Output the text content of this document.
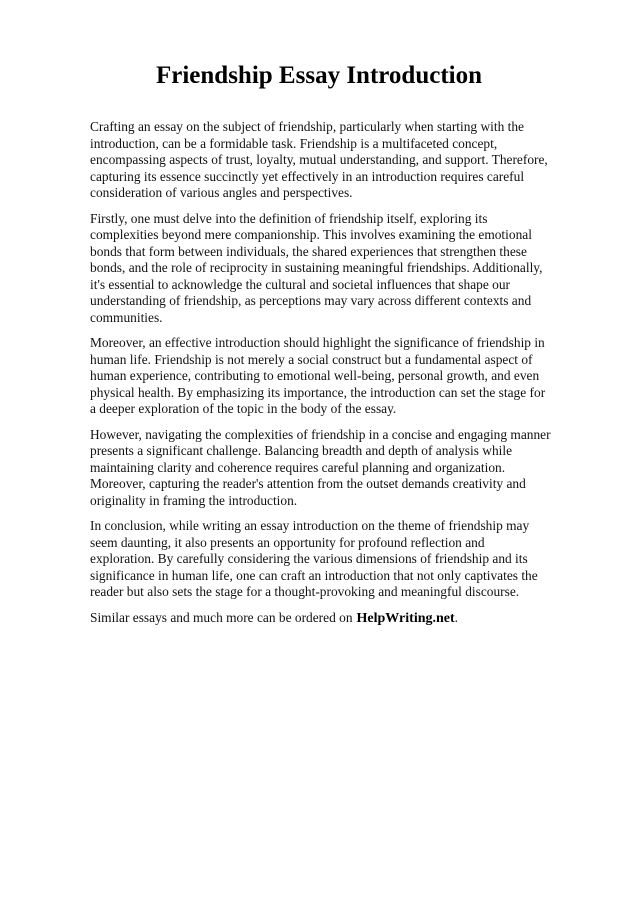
Friendship Essay Introduction

Crafting an essay on the subject of friendship, particularly when starting with the introduction, can be a formidable task. Friendship is a multifaceted concept, encompassing aspects of trust, loyalty, mutual understanding, and support. Therefore, capturing its essence succinctly yet effectively in an introduction requires careful consideration of various angles and perspectives.

Firstly, one must delve into the definition of friendship itself, exploring its complexities beyond mere companionship. This involves examining the emotional bonds that form between individuals, the shared experiences that strengthen these bonds, and the role of reciprocity in sustaining meaningful friendships. Additionally, it's essential to acknowledge the cultural and societal influences that shape our understanding of friendship, as perceptions may vary across different contexts and communities.

Moreover, an effective introduction should highlight the significance of friendship in human life. Friendship is not merely a social construct but a fundamental aspect of human experience, contributing to emotional well-being, personal growth, and even physical health. By emphasizing its importance, the introduction can set the stage for a deeper exploration of the topic in the body of the essay.

However, navigating the complexities of friendship in a concise and engaging manner presents a significant challenge. Balancing breadth and depth of analysis while maintaining clarity and coherence requires careful planning and organization. Moreover, capturing the reader's attention from the outset demands creativity and originality in framing the introduction.

In conclusion, while writing an essay introduction on the theme of friendship may seem daunting, it also presents an opportunity for profound reflection and exploration. By carefully considering the various dimensions of friendship and its significance in human life, one can craft an introduction that not only captivates the reader but also sets the stage for a thought-provoking and meaningful discourse.

Similar essays and much more can be ordered on HelpWriting.net.
